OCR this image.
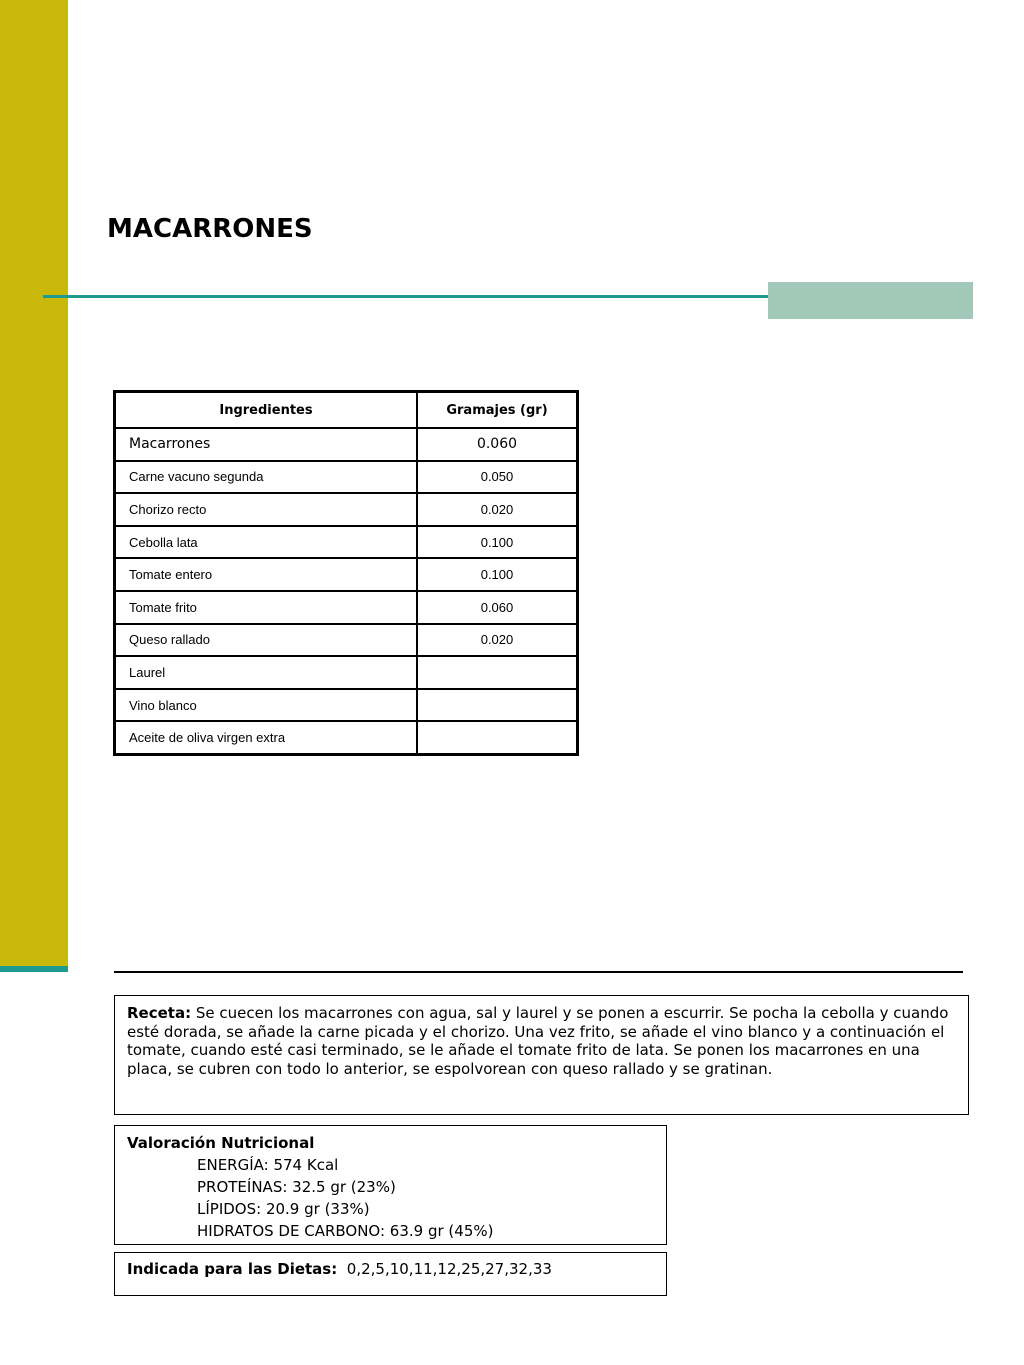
MACARRONES
Ingredientes	Gramajes (gr)
Macarrones	0.060
Carne vacuno segunda	0.050
Chorizo recto	0.020
Cebolla lata	0.100
Tomate entero	0.100
Tomate frito	0.060
Queso rallado	0.020
Laurel	
Vino blanco	
Aceite de oliva virgen extra	
Receta: Se cuecen los macarrones con agua, sal y laurel y se ponen a escurrir. Se pocha la cebolla y cuando esté dorada, se añade la carne picada y el chorizo. Una vez frito, se añade el vino blanco y a continuación el tomate, cuando esté casi terminado, se le añade el tomate frito de lata. Se ponen los macarrones en una placa, se cubren con todo lo anterior, se espolvorean con queso rallado y se gratinan.
Valoración Nutricional
ENERGÍA: 574 Kcal
PROTEÍNAS: 32.5 gr (23%)
LÍPIDOS: 20.9 gr (33%)
HIDRATOS DE CARBONO: 63.9 gr (45%)
Indicada para las Dietas: 0,2,5,10,11,12,25,27,32,33
